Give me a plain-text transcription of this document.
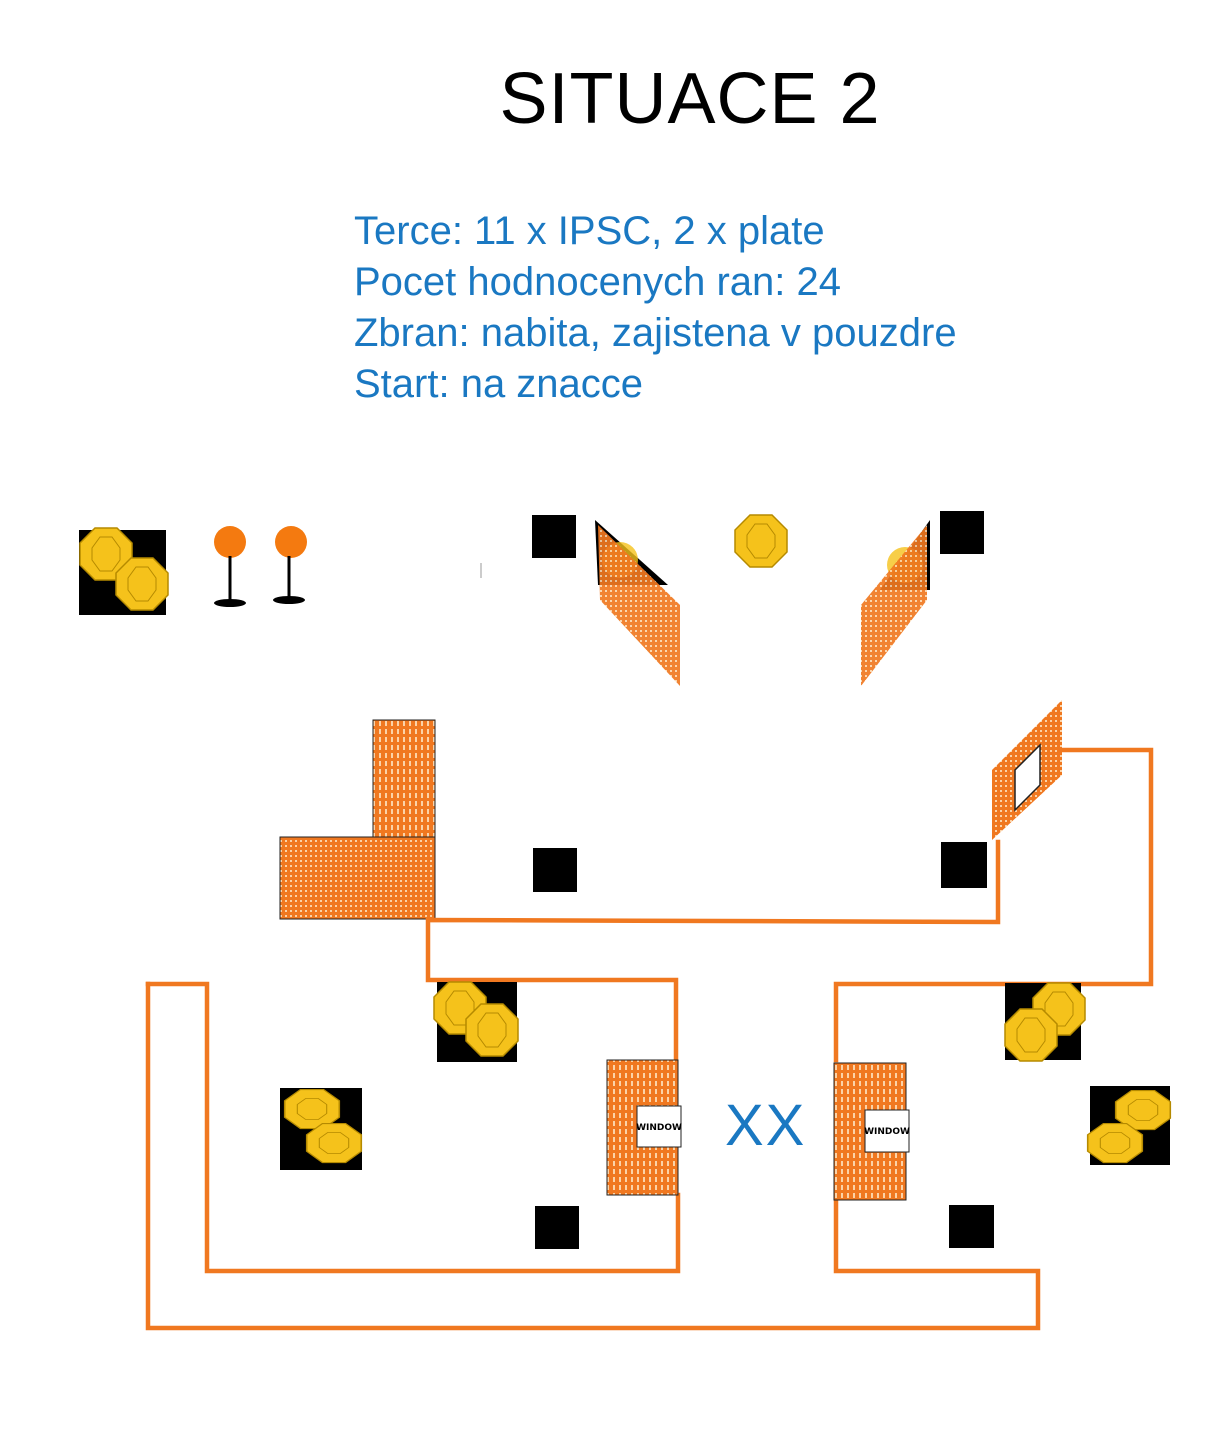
SITUACE 2
Terce: 11 x IPSC, 2 x plate
Pocet hodnocenych ran: 24
Zbran: nabita, zajistena v pouzdre
Start: na znacce
WINDOW	WINDOW
XX
